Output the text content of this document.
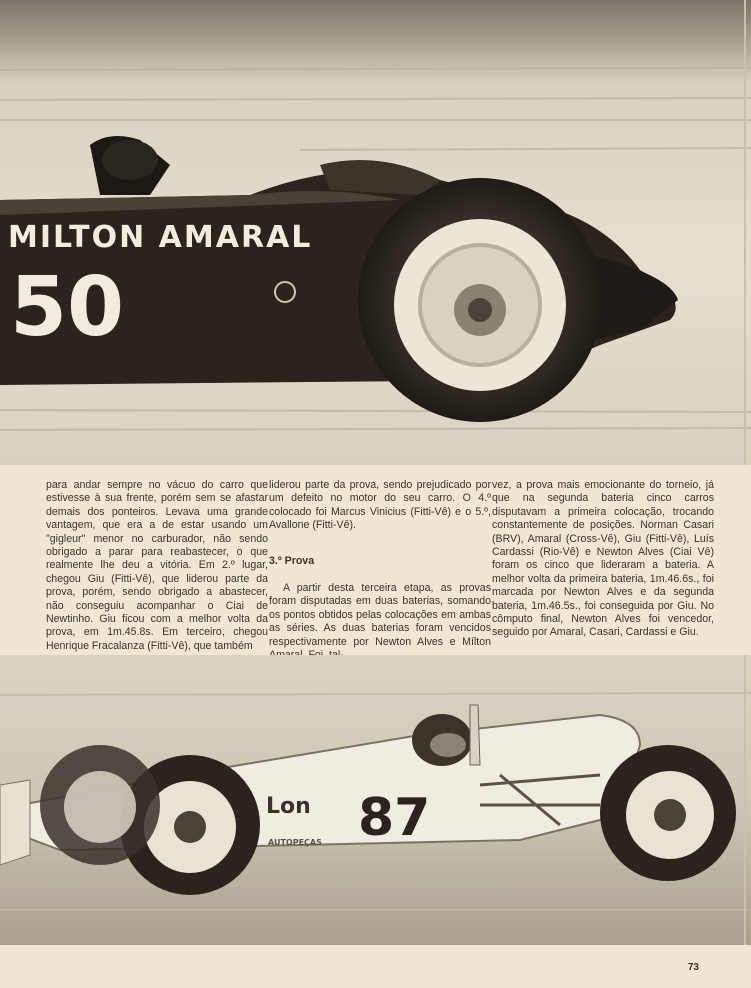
MILTON AMARAL
50

para andar sempre no vácuo do carro que estivesse à sua frente, porém sem se afastar demais dos ponteiros. Levava uma grande vantagem, que era a de estar usando um "gigleur" menor no carburador, não sendo obrigado a parar para reabastecer, o que realmente lhe deu a vitória. Em 2.º lugar, chegou Giu (Fitti-Vê), que liderou parte da prova, porém, sendo obrigado a abastecer, não conseguiu acompanhar o Ciai de Newtinho. Giu ficou com a melhor volta da prova, em 1m.45.8s. Em terceiro, chegou Henrique Fracalanza (Fitti-Vê), que também

liderou parte da prova, sendo prejudicado por um defeito no motor do seu carro. O 4.º colocado foi Marcus Vinicius (Fitti-Vê) e o 5.º, Avallone (Fitti-Vê).

3.º Prova

A partir desta terceira etapa, as provas foram disputadas em duas baterias, somando os pontos obtidos pelas colocações em ambas as séries. As duas baterias foram vencidos respectivamente por Newton Alves e Mílton

vez, a prova mais emocionante do torneio, já que na segunda bateria cinco carros disputavam a primeira colocação, trocando constantemente de posições. Norman Casari (BRV), Amaral (Cross-Vê), Giu (Fitti-Vê), Luís Cardassi (Rio-Vê) e Newton Alves (Ciai Vê) foram os cinco que lideraram a bateria. A melhor volta da primeira bateria, 1m.46.6s., foi marcada por Newton Alves e da segunda bateria, 1m.46.5s., foi conseguida por Giu. No cômputo final, Newton Alves foi vencedor, seguido por Amaral, Casari, Cardassi e Giu.

Lon 87
AUTOPEÇAS
73
